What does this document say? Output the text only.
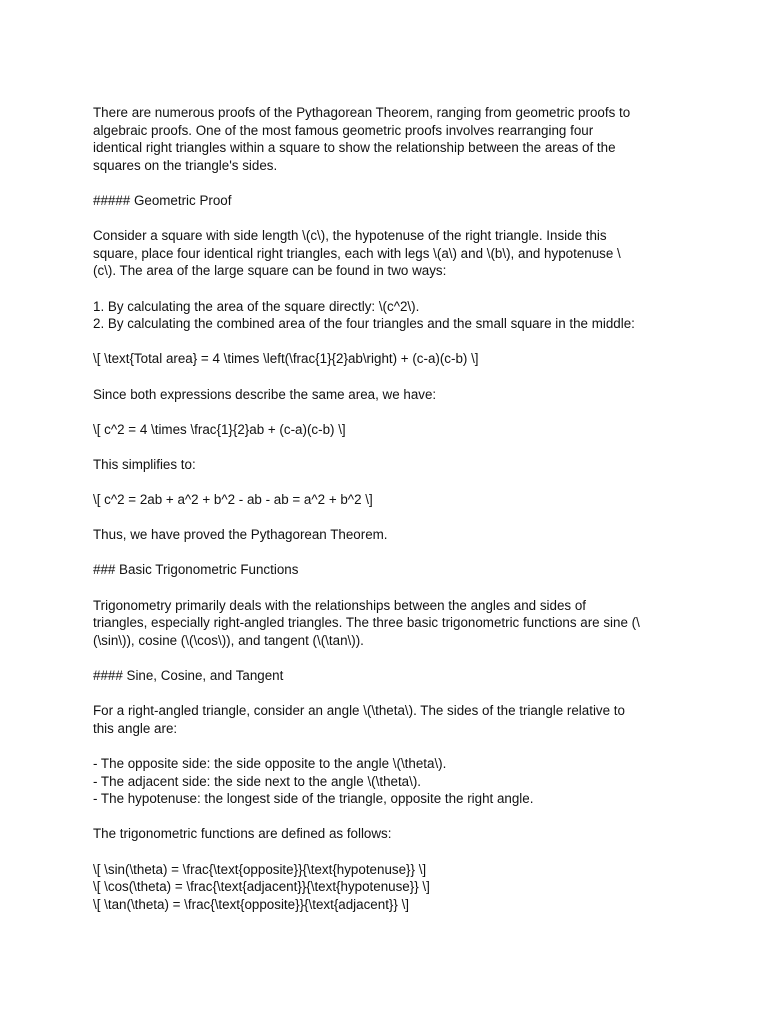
There are numerous proofs of the Pythagorean Theorem, ranging from geometric proofs to
algebraic proofs. One of the most famous geometric proofs involves rearranging four
identical right triangles within a square to show the relationship between the areas of the
squares on the triangle's sides.

##### Geometric Proof

Consider a square with side length \(c\), the hypotenuse of the right triangle. Inside this
square, place four identical right triangles, each with legs \(a\) and \(b\), and hypotenuse \
(c\). The area of the large square can be found in two ways:

1. By calculating the area of the square directly: \(c^2\).
2. By calculating the combined area of the four triangles and the small square in the middle:

\[ \text{Total area} = 4 \times \left(\frac{1}{2}ab\right) + (c-a)(c-b) \]

Since both expressions describe the same area, we have:

\[ c^2 = 4 \times \frac{1}{2}ab + (c-a)(c-b) \]

This simplifies to:

\[ c^2 = 2ab + a^2 + b^2 - ab - ab = a^2 + b^2 \]

Thus, we have proved the Pythagorean Theorem.

### Basic Trigonometric Functions

Trigonometry primarily deals with the relationships between the angles and sides of
triangles, especially right-angled triangles. The three basic trigonometric functions are sine (\
(\sin\)), cosine (\(\cos\)), and tangent (\(\tan\)).

#### Sine, Cosine, and Tangent

For a right-angled triangle, consider an angle \(\theta\). The sides of the triangle relative to
this angle are:

- The opposite side: the side opposite to the angle \(\theta\).
- The adjacent side: the side next to the angle \(\theta\).
- The hypotenuse: the longest side of the triangle, opposite the right angle.

The trigonometric functions are defined as follows:

\[ \sin(\theta) = \frac{\text{opposite}}{\text{hypotenuse}} \]
\[ \cos(\theta) = \frac{\text{adjacent}}{\text{hypotenuse}} \]
\[ \tan(\theta) = \frac{\text{opposite}}{\text{adjacent}} \]
